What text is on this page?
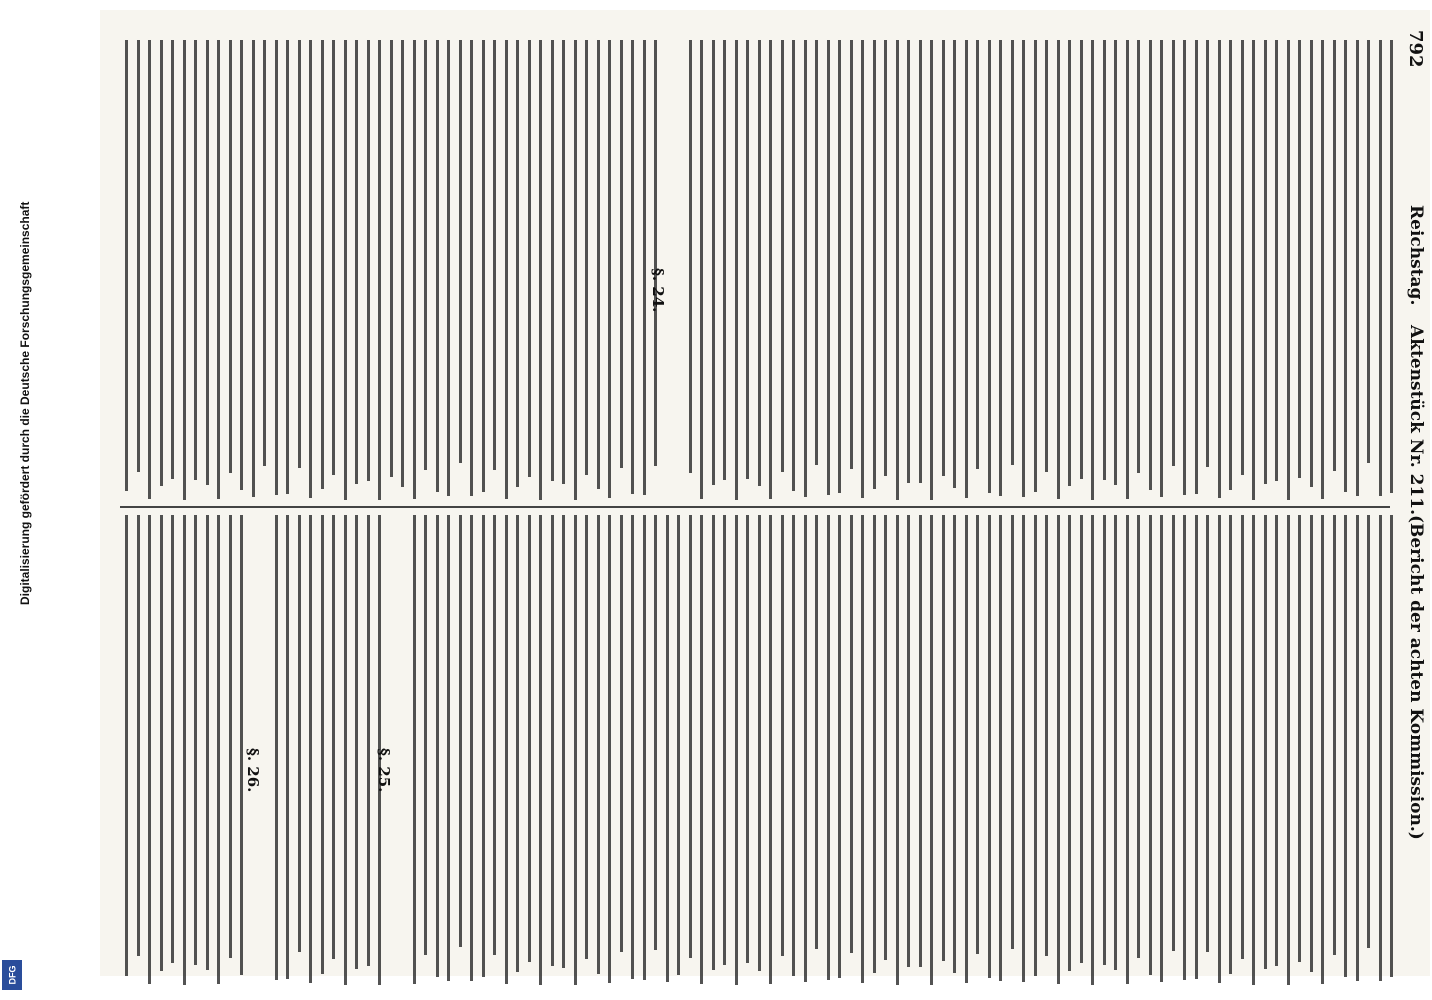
792
Reichstag.
Aktenstück Nr. 211.
(Bericht der achten Kommission.)
§. 24.
§. 25.
§. 26.
Digitalisierung gefördert durch die Deutsche Forschungsgemeinschaft
DFG
